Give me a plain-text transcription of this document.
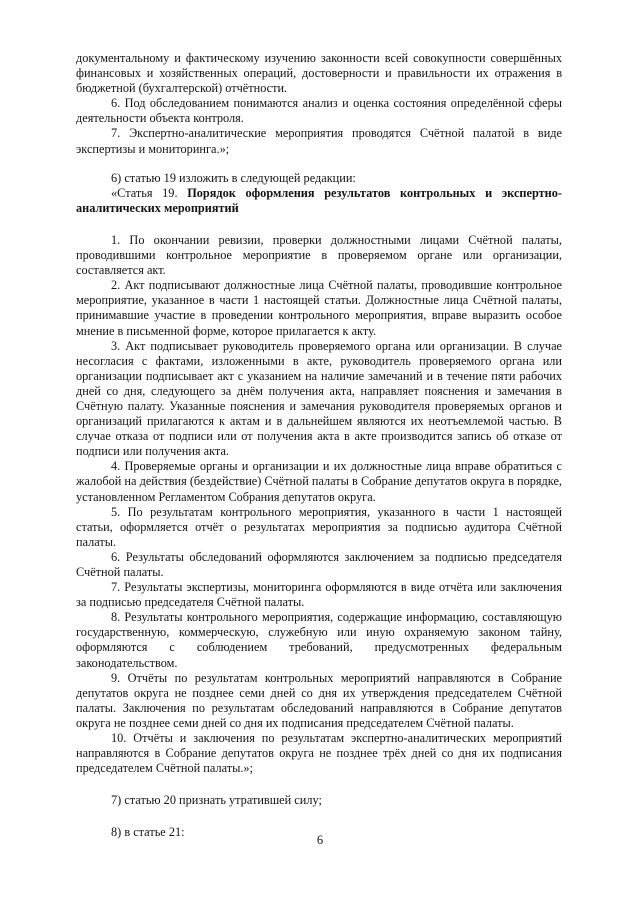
документальному и фактическому изучению законности всей совокупности совершённых финансовых и хозяйственных операций, достоверности и правильности их отражения в бюджетной (бухгалтерской) отчётности.

6. Под обследованием понимаются анализ и оценка состояния определённой сферы деятельности объекта контроля.

7. Экспертно-аналитические мероприятия проводятся Счётной палатой в виде экспертизы и мониторинга.»;

6) статью 19 изложить в следующей редакции:

«Статья 19. Порядок оформления результатов контрольных и экспертно-аналитических мероприятий

1. По окончании ревизии, проверки должностными лицами Счётной палаты, проводившими контрольное мероприятие в проверяемом органе или организации, составляется акт.

2. Акт подписывают должностные лица Счётной палаты, проводившие контрольное мероприятие, указанное в части 1 настоящей статьи. Должностные лица Счётной палаты, принимавшие участие в проведении контрольного мероприятия, вправе выразить особое мнение в письменной форме, которое прилагается к акту.

3. Акт подписывает руководитель проверяемого органа или организации. В случае несогласия с фактами, изложенными в акте, руководитель проверяемого органа или организации подписывает акт с указанием на наличие замечаний и в течение пяти рабочих дней со дня, следующего за днём получения акта, направляет пояснения и замечания в Счётную палату. Указанные пояснения и замечания руководителя проверяемых органов и организаций прилагаются к актам и в дальнейшем являются их неотъемлемой частью. В случае отказа от подписи или от получения акта в акте производится запись об отказе от подписи или получения акта.

4. Проверяемые органы и организации и их должностные лица вправе обратиться с жалобой на действия (бездействие) Счётной палаты в Собрание депутатов округа в порядке, установленном Регламентом Собрания депутатов округа.

5. По результатам контрольного мероприятия, указанного в части 1 настоящей статьи, оформляется отчёт о результатах мероприятия за подписью аудитора Счётной палаты.

6. Результаты обследований оформляются заключением за подписью председателя Счётной палаты.

7. Результаты экспертизы, мониторинга оформляются в виде отчёта или заключения за подписью председателя Счётной палаты.

8. Результаты контрольного мероприятия, содержащие информацию, составляющую государственную, коммерческую, служебную или иную охраняемую законом тайну, оформляются с соблюдением требований, предусмотренных федеральным законодательством.

9. Отчёты по результатам контрольных мероприятий направляются в Собрание депутатов округа не позднее семи дней со дня их утверждения председателем Счётной палаты. Заключения по результатам обследований направляются в Собрание депутатов округа не позднее семи дней со дня их подписания председателем Счётной палаты.

10. Отчёты и заключения по результатам экспертно-аналитических мероприятий направляются в Собрание депутатов округа не позднее трёх дней со дня их подписания председателем Счётной палаты.»;

7) статью 20 признать утратившей силу;

8) в статье 21:

6
